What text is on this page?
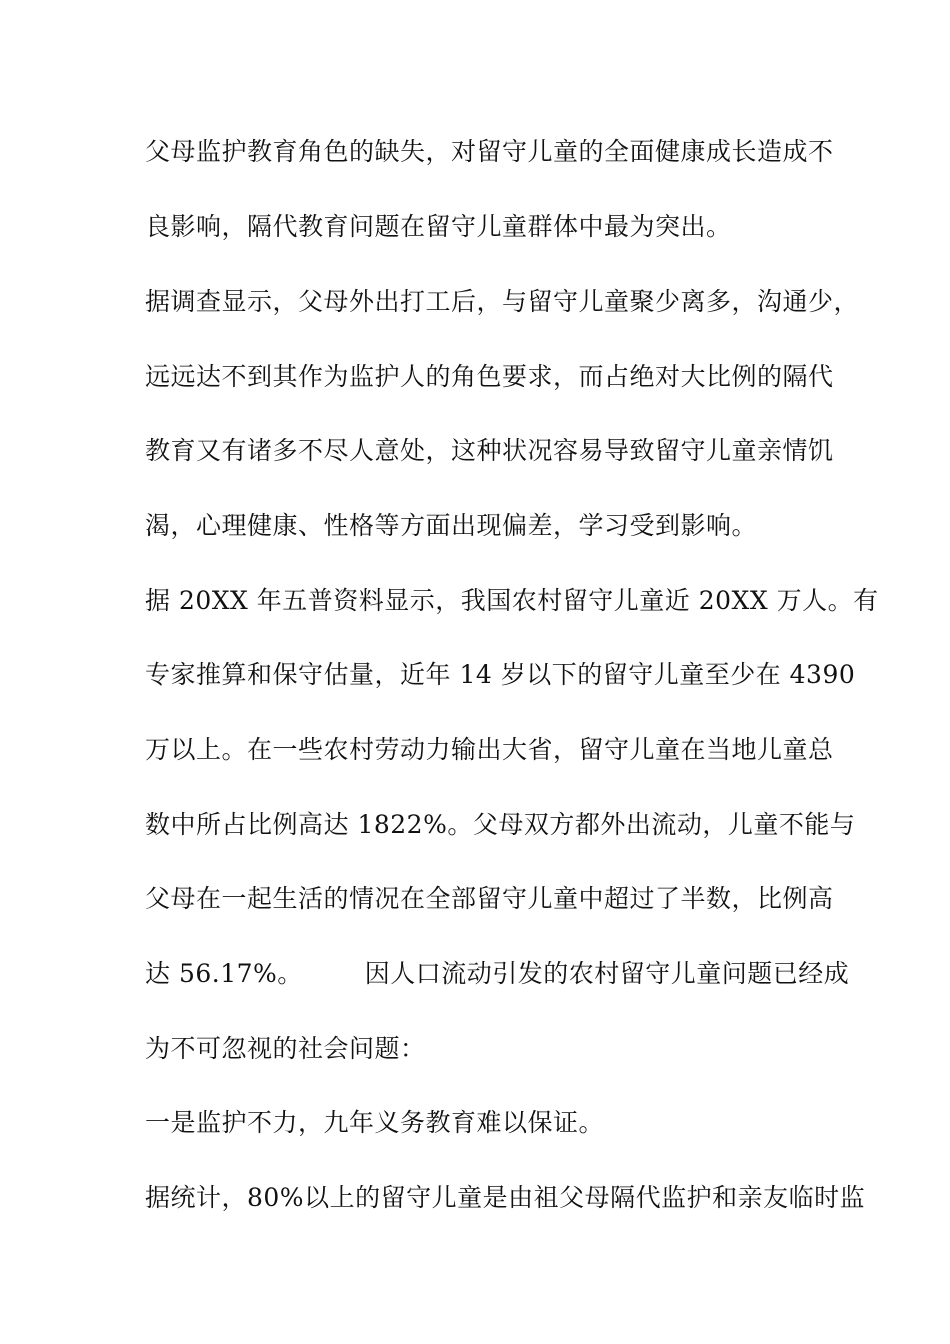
父母监护教育角色的缺失，对留守儿童的全面健康成长造成不
良影响，隔代教育问题在留守儿童群体中最为突出。
据调查显示，父母外出打工后，与留守儿童聚少离多，沟通少，
远远达不到其作为监护人的角色要求，而占绝对大比例的隔代
教育又有诸多不尽人意处，这种状况容易导致留守儿童亲情饥
渴，心理健康、性格等方面出现偏差，学习受到影响。
据 20XX 年五普资料显示，我国农村留守儿童近 20XX 万人。有
专家推算和保守估量，近年 14 岁以下的留守儿童至少在 4390
万以上。在一些农村劳动力输出大省，留守儿童在当地儿童总
数中所占比例高达 1822%。父母双方都外出流动，儿童不能与
父母在一起生活的情况在全部留守儿童中超过了半数，比例高
达 56.17%。 因人口流动引发的农村留守儿童问题已经成
为不可忽视的社会问题：
一是监护不力，九年义务教育难以保证。
据统计，80%以上的留守儿童是由祖父母隔代监护和亲友临时监
